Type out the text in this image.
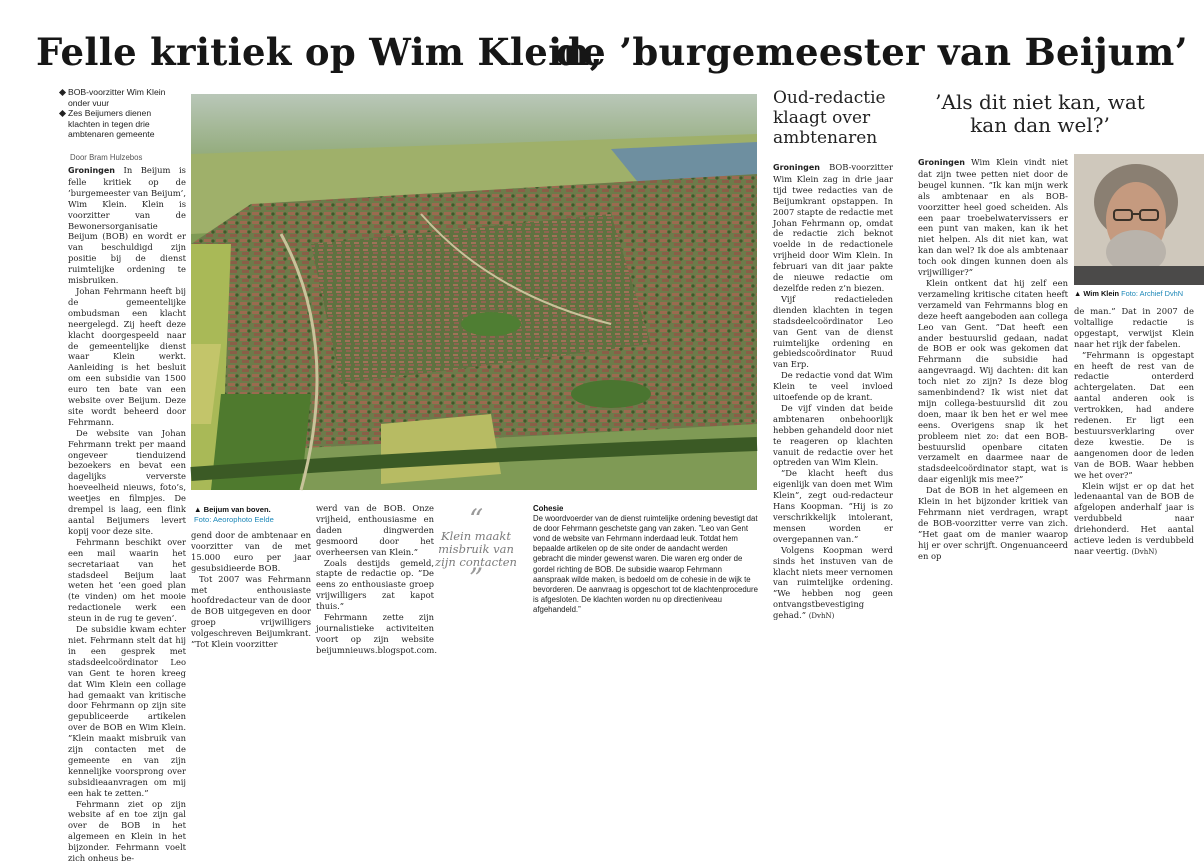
Felle kritiek op Wim Klein,
de ’burgemeester van Beijum’
BOB-voorzitter Wim Klein onder vuur
Zes Beijumers dienen klachten in tegen drie ambtenaren gemeente
Door Bram Hulzebos

Groningen In Beijum is felle kritiek op de ’burgemeester van Beijum’, Wim Klein. Klein is voorzitter van de Bewonersorganisatie Beijum (BOB) en wordt er van beschuldigd zijn positie bij de dienst ruimtelijke ordening te misbruiken.

Johan Fehrmann heeft bij de gemeentelijke ombudsman een klacht neergelegd. Zij heeft deze klacht doorgespeeld naar de gemeentelijke dienst waar Klein werkt. Aanleiding is het besluit om een subsidie van 1500 euro ten bate van een website over Beijum. Deze site wordt beheerd door Fehrmann.

De website van Johan Fehrmann trekt per maand ongeveer tienduizend bezoekers en bevat een dagelijks ververste hoeveelheid nieuws, foto’s, weetjes en filmpjes. De drempel is laag, een flink aantal Beijumers levert kopij voor deze site.

Fehrmann beschikt over een mail waarin het secretariaat van het stadsdeel Beijum laat weten het ’een goed plan (te vinden) om het mooie redactionele werk een steun in de rug te geven’.

De subsidie kwam echter niet. Fehrmann stelt dat hij in een gesprek met stadsdeelcoördinator Leo van Gent te horen kreeg dat Wim Klein een collage had gemaakt van kritische door Fehrmann op zijn site gepubliceerde artikelen over de BOB en Wim Klein. ”Klein maakt misbruik van zijn contacten met de gemeente en van zijn kennelijke voorsprong over subsidieaanvragen om mij een hak te zetten.”

Fehrmann ziet op zijn website af en toe zijn gal over de BOB in het algemeen en Klein in het bijzonder. Fehrmann voelt zich onheus be-

▲ Beijum van boven.
Foto: Aeorophoto Eelde

gend door de ambtenaar en voorzitter van de met 15.000 euro per jaar gesubsidieerde BOB.

Tot 2007 was Fehrmann met enthousiaste hoofdredacteur van de door de BOB uitgegeven en door groep vrijwilligers volgeschreven Beijumkrant. ”Tot Klein voorzitter

werd van de BOB. Onze vrijheid, enthousiasme en daden dingwerden gesmoord door het overheersen van Klein.”

Zoals destijds gemeld, stapte de redactie op. ”De eens zo enthousiaste groep vrijwilligers zat kapot thuis.”

Fehrmann zette zijn journalistieke activiteiten voort op zijn website beijumnieuws.blogspot.com.

“
Klein maakt misbruik van zijn contacten
”
Cohesie
De woordvoerder van de dienst ruimtelijke ordening bevestigt dat de door Fehrmann geschetste gang van zaken. ”Leo van Gent vond de website van Fehrmann inderdaad leuk. Totdat hem bepaalde artikelen op de site onder de aandacht werden gebracht die minder gewenst waren. Die waren erg onder de gordel richting de BOB. De subsidie waarop Fehrmann aanspraak wilde maken, is bedoeld om de cohesie in de wijk te bevorderen. De aanvraag is opgeschort tot de klachtenprocedure is afgesloten. De klachten worden nu op directieniveau afgehandeld.”
Oud-redactie klaagt over ambtenaren

Groningen BOB-voorzitter Wim Klein zag in drie jaar tijd twee redacties van de Beijumkrant opstappen. In 2007 stapte de redactie met Johan Fehrmann op, omdat de redactie zich beknot voelde in de redactionele vrijheid door Wim Klein. In februari van dit jaar pakte de nieuwe redactie om dezelfde reden z’n biezen.

Vijf redactieleden dienden klachten in tegen stadsdeelcoördinator Leo van Gent van de dienst ruimtelijke ordening en gebiedscoördinator Ruud van Erp.

De redactie vond dat Wim Klein te veel invloed uitoefende op de krant.

De vijf vinden dat beide ambtenaren onbehoorlijk hebben gehandeld door niet te reageren op klachten vanuit de redactie over het optreden van Wim Klein.

”De klacht heeft dus eigenlijk van doen met Wim Klein”, zegt oud-redacteur Hans Koopman. ”Hij is zo verschrikkelijk intolerant, mensen worden er overgepannen van.”

Volgens Koopman werd sinds het instuven van de klacht niets meer vernomen van ruimtelijke ordening. ”We hebben nog geen ontvangstbevestiging gehad.” (DvhN)

’Als dit niet kan, wat kan dan wel?’

Groningen Wim Klein vindt niet dat zijn twee petten niet door de beugel kunnen. ”Ik kan mijn werk als ambtenaar en als BOB-voorzitter heel goed scheiden. Als een paar troebelwatervissers er een punt van maken, kan ik het niet helpen. Als dit niet kan, wat kan dan wel? Ik doe als ambtenaar toch ook dingen kunnen doen als vrijwilliger?”

Klein ontkent dat hij zelf een verzameling kritische citaten heeft verzameld van Fehrmanns blog en deze heeft aangeboden aan collega Leo van Gent. ”Dat heeft een ander bestuurslid gedaan, nadat de BOB er ook was gekomen dat Fehrmann die subsidie had aangevraagd. Wij dachten: dit kan toch niet zo zijn? Is deze blog samenbindend? Ik wist niet dat mijn collega-bestuurslid dit zou doen, maar ik ben het er wel mee eens. Overigens snap ik het probleem niet zo: dat een BOB-bestuurslid openbare citaten verzamelt en daarmee naar de stadsdeelcoördinator stapt, wat is daar eigenlijk mis mee?”

Dat de BOB in het algemeen en Klein in het bijzonder kritiek van Fehrmann niet verdragen, wrapt de BOB-voorzitter verre van zich. ”Het gaat om de manier waarop hij er over schrijft. Ongenuanceerd en op

▲ Wim Klein Foto: Archief DvhN

de man.” Dat in 2007 de voltallige redactie is opgestapt, verwijst Klein naar het rijk der fabelen.

”Fehrmann is opgestapt en heeft de rest van de redactie onterderd achtergelaten. Dat een aantal anderen ook is vertrokken, had andere redenen. Er ligt een bestuursverklaring over deze kwestie. De is aangenomen door de leden van de BOB. Waar hebben we het over?”

Klein wijst er op dat het ledenaantal van de BOB de afgelopen anderhalf jaar is verdubbeld naar driehonderd. Het aantal actieve leden is verdubbeld naar veertig. (DvhN)
